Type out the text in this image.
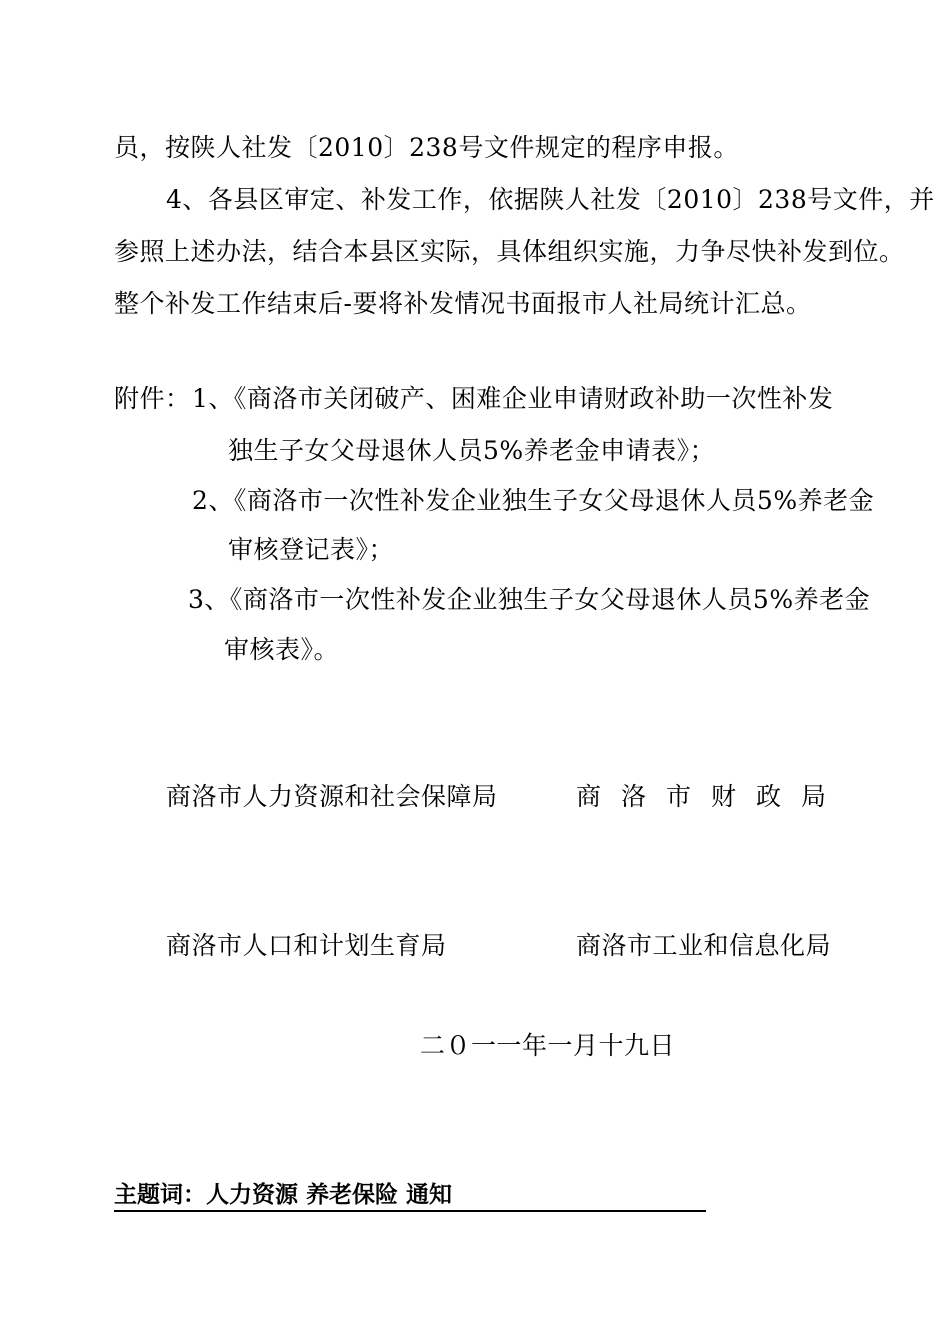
员，按陕人社发〔2010〕238号文件规定的程序申报。
4、各县区审定、补发工作，依据陕人社发〔2010〕238号文件，并
参照上述办法，结合本县区实际，具体组织实施，力争尽快补发到位。
整个补发工作结束后-要将补发情况书面报市人社局统计汇总。
附件： 1、《商洛市关闭破产、困难企业申请财政补助一次性补发
独生子女父母退休人员5%养老金申请表》；
2、《商洛市一次性补发企业独生子女父母退休人员5%养老金
审核登记表》；
3、《商洛市一次性补发企业独生子女父母退休人员5%养老金
审核表》。
商洛市人力资源和社会保障局	商洛市财政局
商洛市人口和计划生育局	商洛市工业和信息化局
二０一一年一月十九日
主题词：人力资源 养老保险 通知
